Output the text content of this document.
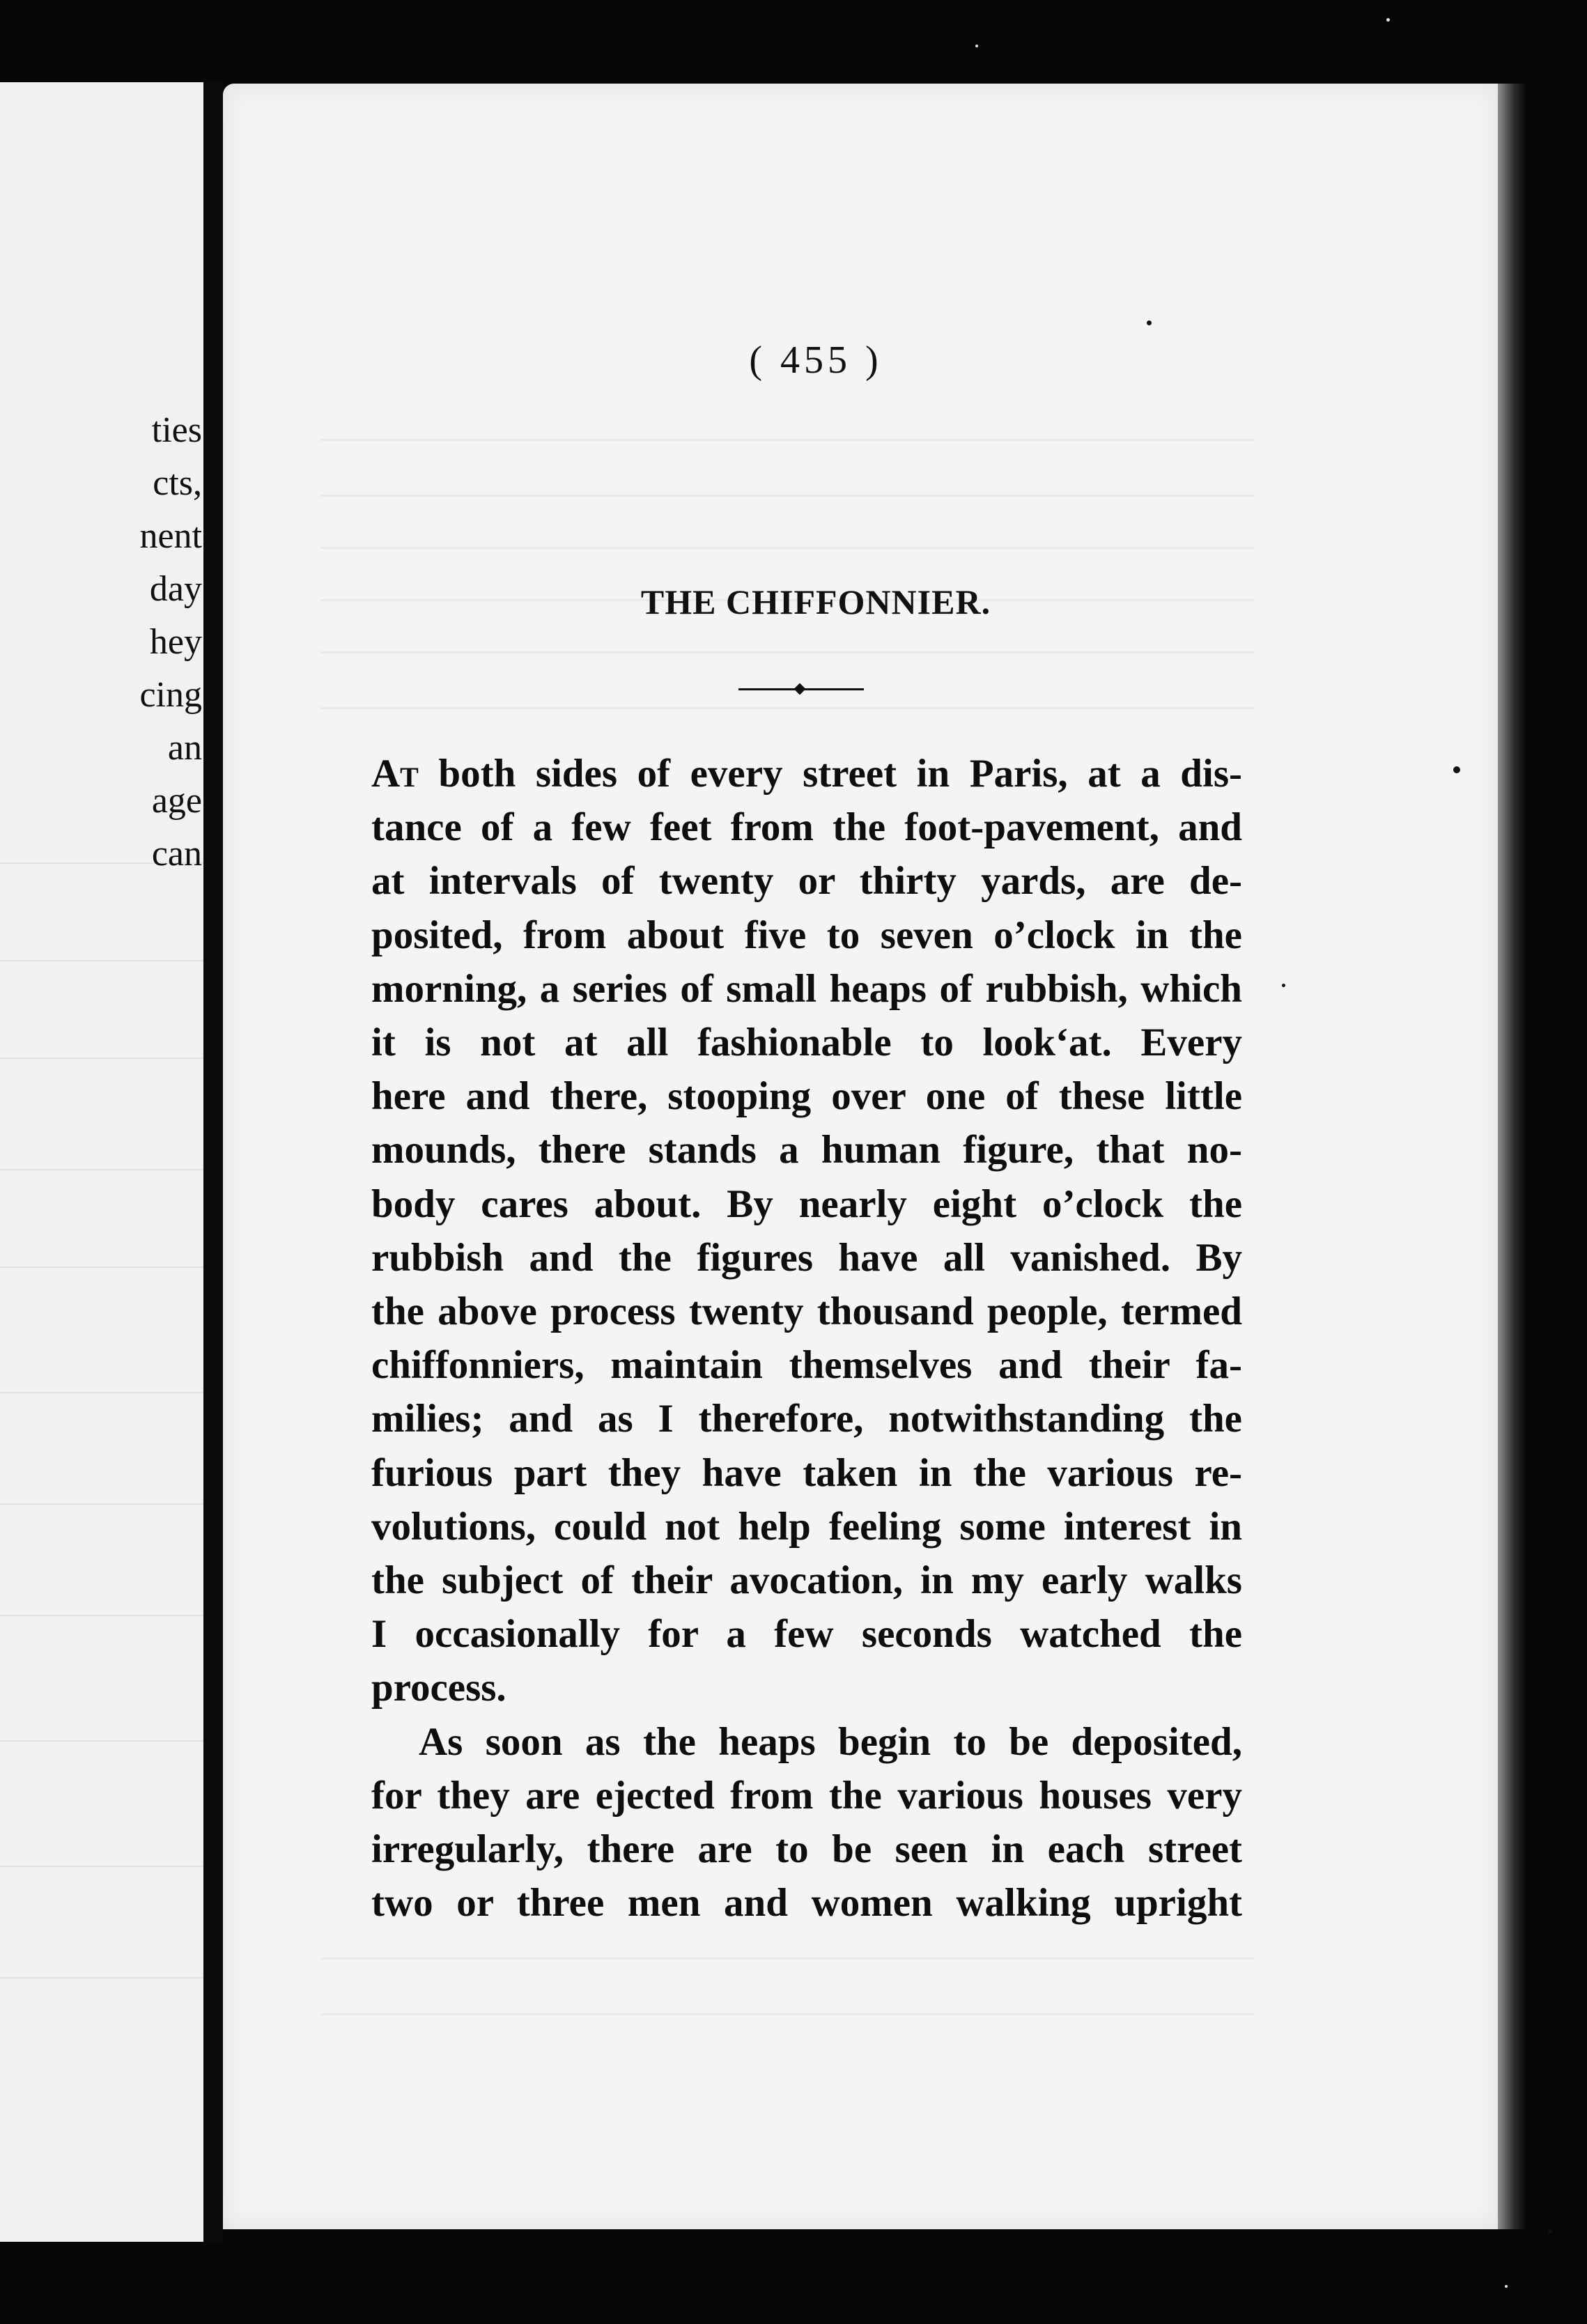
ties
cts,
nent
day
hey
cing
an
age
can
( 455 )
THE CHIFFONNIER.

At both sides of every street in Paris, at a dis-
tance of a few feet from the foot-pavement, and
at intervals of twenty or thirty yards, are de-
posited, from about five to seven o’clock in the
morning, a series of small heaps of rubbish, which
it is not at all fashionable to look‘at. Every
here and there, stooping over one of these little
mounds, there stands a human figure, that no-
body cares about. By nearly eight o’clock the
rubbish and the figures have all vanished. By
the above process twenty thousand people, termed
chiffonniers, maintain themselves and their fa-
milies; and as I therefore, notwithstanding the
furious part they have taken in the various re-
volutions, could not help feeling some interest in
the subject of their avocation, in my early walks
I occasionally for a few seconds watched the
process.

As soon as the heaps begin to be deposited,
for they are ejected from the various houses very
irregularly, there are to be seen in each street
two or three men and women walking upright
